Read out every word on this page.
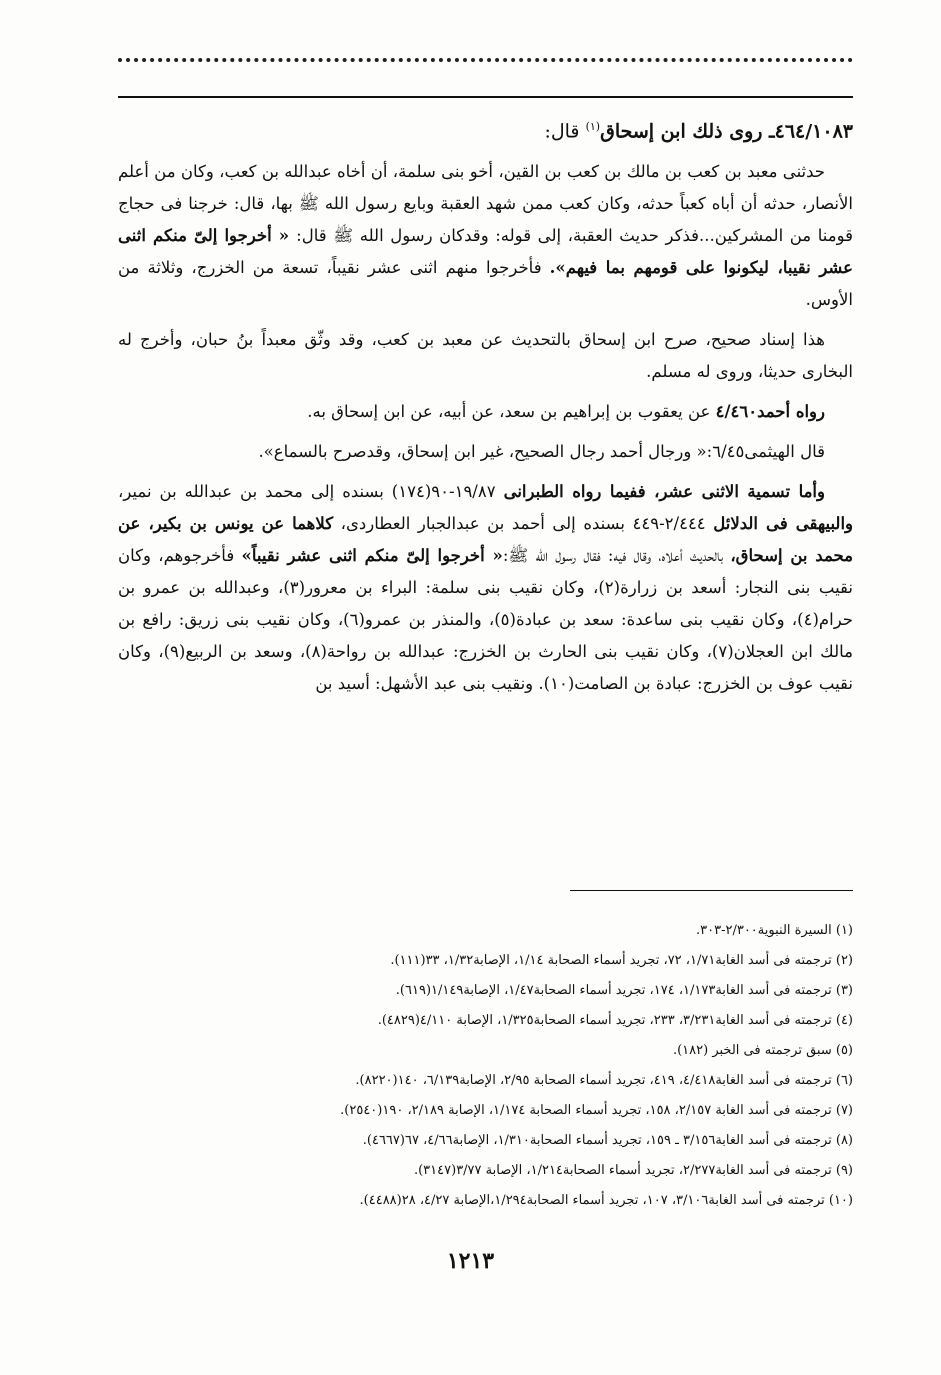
٤٦٤/١٠٨٣ـ روى ذلك ابن إسحاق$^{(١)}$ قال:

حدثنى معبد بن كعب بن مالك بن كعب بن القين، أخو بنى سلمة، أن أخاه عبدالله بن كعب، وكان من أعلم الأنصار، حدثه أن أباه كعباً حدثه، وكان كعب ممن شهد العقبة وبايع رسول الله ﷺ بها، قال: خرجنا فى حجاج قومنا من المشركين...فذكر حديث العقبة، إلى قوله: وقدكان رسول الله ﷺ قال: « أخرجوا إلىّ منكم اثنى عشر نقيبا، ليكونوا على قومهم بما فيهم». فأخرجوا منهم اثنى عشر نقيباً، تسعة من الخزرج، وثلاثة من الأوس.

هذا إسناد صحيح، صرح ابن إسحاق بالتحديث عن معبد بن كعب، وقد وثّق معبداً بنُ حبان، وأخرج له البخارى حديثا، وروى له مسلم.

رواه أحمد٤/٤٦٠ عن يعقوب بن إبراهيم بن سعد، عن أبيه، عن ابن إسحاق به.

قال الهيثمى٦/٤٥:« ورجال أحمد رجال الصحيح، غير ابن إسحاق، وقدصرح بالسماع».

وأما تسمية الاثنى عشر، ففيما رواه الطبرانى ١٩/٨٧-٩٠(١٧٤) بسنده إلى محمد بن عبدالله بن نمير، والبيهقى فى الدلائل ٢/٤٤٤-٤٤٩ بسنده إلى أحمد بن عبدالجبار العطاردى، كلاهما عن يونس بن بكير، عن محمد بن إسحاق، بالحديث أعلاه، وقال فيه: فقال رسول الله ﷺ:« أخرجوا إلىّ منكم اثنى عشر نقيباً» فأخرجوهم، وكان نقيب بنى النجار: أسعد بن زرارة(٢)، وكان نقيب بنى سلمة: البراء بن معرور(٣)، وعبدالله بن عمرو بن حرام(٤)، وكان نقيب بنى ساعدة: سعد بن عبادة(٥)، والمنذر بن عمرو(٦)، وكان نقيب بنى زريق: رافع بن مالك ابن العجلان(٧)، وكان نقيب بنى الحارث بن الخزرج: عبدالله بن رواحة(٨)، وسعد بن الربيع(٩)، وكان نقيب عوف بن الخزرج: عبادة بن الصامت(١٠). ونقيب بنى عبد الأشهل: أسيد بن

(١) السيرة النبوية٢/٣٠٠-٣٠٣.
(٢) ترجمته فى أسد الغابة١/٧١، ٧٢، تجريد أسماء الصحابة ١/١٤، الإصابة١/٣٢، ٣٣(١١١).
(٣) ترجمته فى أسد الغابة١/١٧٣، ١٧٤، تجريد أسماء الصحابة١/٤٧، الإصابة١/١٤٩(٦١٩).
(٤) ترجمته فى أسد الغابة٣/٢٣١، ٢٣٣، تجريد أسماء الصحابة١/٣٢٥، الإصابة ٤/١١٠(٤٨٢٩).
(٥) سبق ترجمته فى الخبر (١٨٢).
(٦) ترجمته فى أسد الغابة٤/٤١٨، ٤١٩، تجريد أسماء الصحابة ٢/٩٥، الإصابة٦/١٣٩، ١٤٠(٨٢٢٠).
(٧) ترجمته فى أسد الغابة ٢/١٥٧، ١٥٨، تجريد أسماء الصحابة ١/١٧٤، الإصابة ٢/١٨٩، ١٩٠(٢٥٤٠).
(٨) ترجمته فى أسد الغابة٣/١٥٦ ـ ١٥٩، تجريد أسماء الصحابة١/٣١٠، الإصابة٤/٦٦، ٦٧(٤٦٦٧).
(٩) ترجمته فى أسد الغابة٢/٢٧٧، تجريد أسماء الصحابة١/٢١٤، الإصابة ٣/٧٧(٣١٤٧).
(١٠) ترجمته فى أسد الغابة٣/١٠٦، ١٠٧، تجريد أسماء الصحابة١/٢٩٤،الإصابة ٤/٢٧، ٢٨(٤٤٨٨).
١٢١٣
